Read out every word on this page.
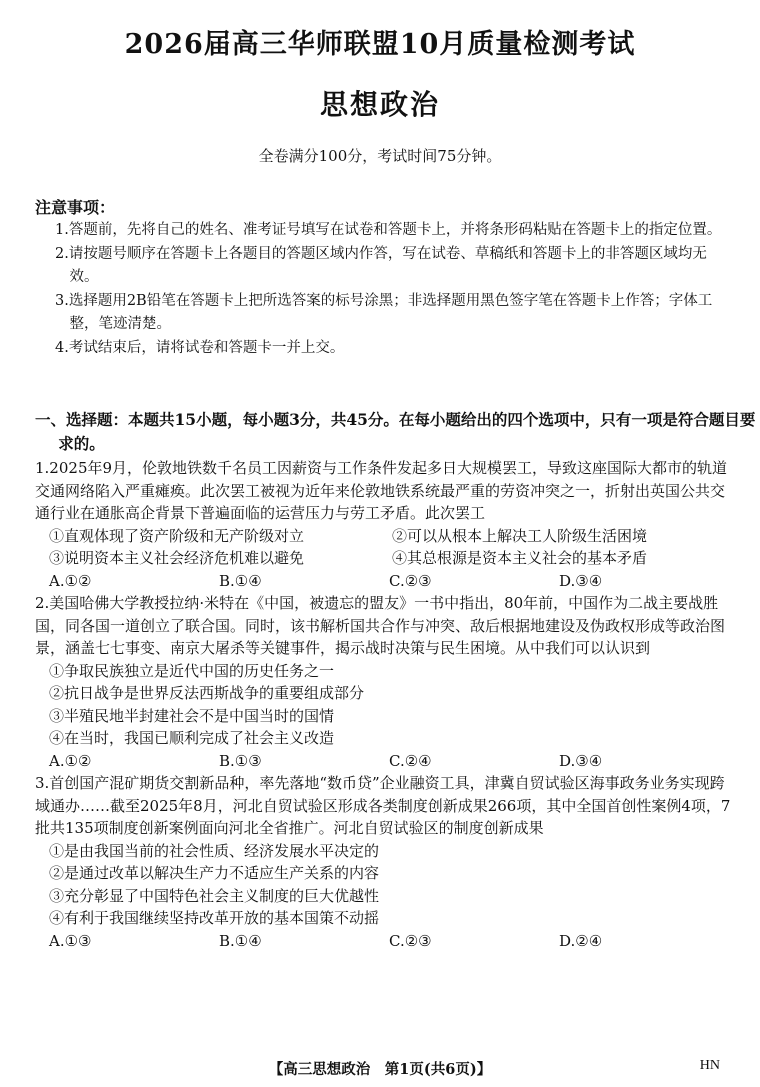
2026届高三华师联盟10月质量检测考试
思想政治
全卷满分100分，考试时间75分钟。
注意事项：
1.答题前，先将自己的姓名、准考证号填写在试卷和答题卡上，并将条形码粘贴在答题卡上的指定位置。
2.请按题号顺序在答题卡上各题目的答题区域内作答，写在试卷、草稿纸和答题卡上的非答题区域均无效。
3.选择题用2B铅笔在答题卡上把所选答案的标号涂黑；非选择题用黑色签字笔在答题卡上作答；字体工整，笔迹清楚。
4.考试结束后，请将试卷和答题卡一并上交。
一、选择题：本题共15小题，每小题3分，共45分。在每小题给出的四个选项中，只有一项是符合题目要求的。
1.2025年9月，伦敦地铁数千名员工因薪资与工作条件发起多日大规模罢工，导致这座国际大都市的轨道交通网络陷入严重瘫痪。此次罢工被视为近年来伦敦地铁系统最严重的劳资冲突之一，折射出英国公共交通行业在通胀高企背景下普遍面临的运营压力与劳工矛盾。此次罢工
①直观体现了资产阶级和无产阶级对立	②可以从根本上解决工人阶级生活困境
③说明资本主义社会经济危机难以避免	④其总根源是资本主义社会的基本矛盾
A.①②	B.①④	C.②③	D.③④
2.美国哈佛大学教授拉纳·米特在《中国，被遗忘的盟友》一书中指出，80年前，中国作为二战主要战胜国，同各国一道创立了联合国。同时，该书解析国共合作与冲突、敌后根据地建设及伪政权形成等政治图景，涵盖七七事变、南京大屠杀等关键事件，揭示战时决策与民生困境。从中我们可以认识到
①争取民族独立是近代中国的历史任务之一
②抗日战争是世界反法西斯战争的重要组成部分
③半殖民地半封建社会不是中国当时的国情
④在当时，我国已顺利完成了社会主义改造
A.①②	B.①③	C.②④	D.③④
3.首创国产混矿期货交割新品种，率先落地“数币贷”企业融资工具，津冀自贸试验区海事政务业务实现跨域通办……截至2025年8月，河北自贸试验区形成各类制度创新成果266项，其中全国首创性案例4项，7批共135项制度创新案例面向河北全省推广。河北自贸试验区的制度创新成果
①是由我国当前的社会性质、经济发展水平决定的
②是通过改革以解决生产力不适应生产关系的内容
③充分彰显了中国特色社会主义制度的巨大优越性
④有利于我国继续坚持改革开放的基本国策不动摇
A.①③	B.①④	C.②③	D.②④
【高三思想政治　第1页(共6页)】	HN
